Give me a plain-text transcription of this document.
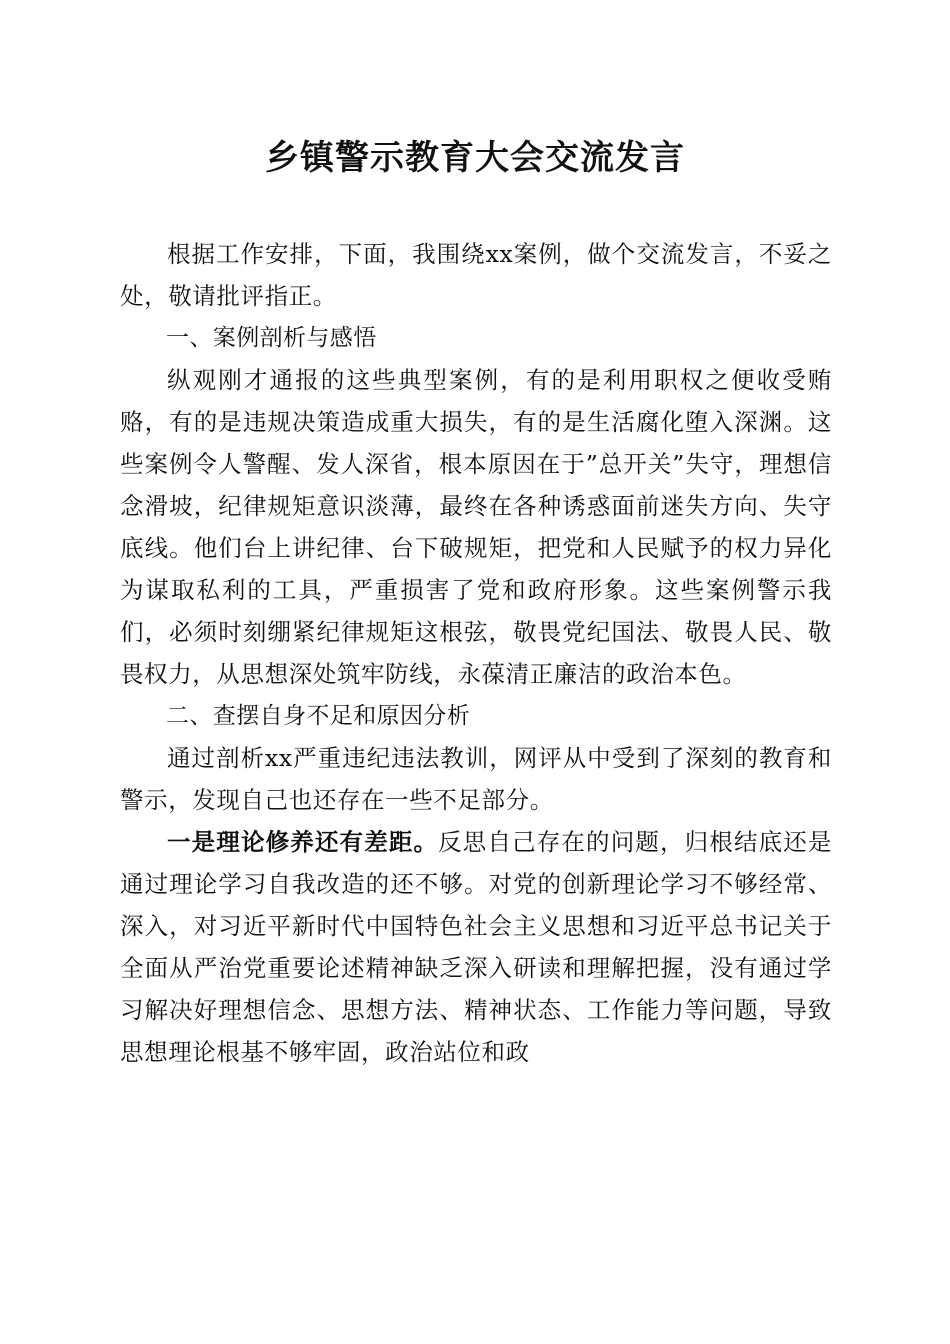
乡镇警示教育大会交流发言

根据工作安排，下面，我围绕xx案例，做个交流发言，不妥之处，敬请批评指正。

一、案例剖析与感悟

纵观刚才通报的这些典型案例，有的是利用职权之便收受贿赂，有的是违规决策造成重大损失，有的是生活腐化堕入深渊。这些案例令人警醒、发人深省，根本原因在于”总开关”失守，理想信念滑坡，纪律规矩意识淡薄，最终在各种诱惑面前迷失方向、失守底线。他们台上讲纪律、台下破规矩，把党和人民赋予的权力异化为谋取私利的工具，严重损害了党和政府形象。这些案例警示我们，必须时刻绷紧纪律规矩这根弦，敬畏党纪国法、敬畏人民、敬畏权力，从思想深处筑牢防线，永葆清正廉洁的政治本色。

二、查摆自身不足和原因分析

通过剖析xx严重违纪违法教训，网评从中受到了深刻的教育和警示，发现自己也还存在一些不足部分。

一是理论修养还有差距。反思自己存在的问题，归根结底还是通过理论学习自我改造的还不够。对党的创新理论学习不够经常、深入，对习近平新时代中国特色社会主义思想和习近平总书记关于全面从严治党重要论述精神缺乏深入研读和理解把握，没有通过学习解决好理想信念、思想方法、精神状态、工作能力等问题，导致思想理论根基不够牢固，政治站位和政
